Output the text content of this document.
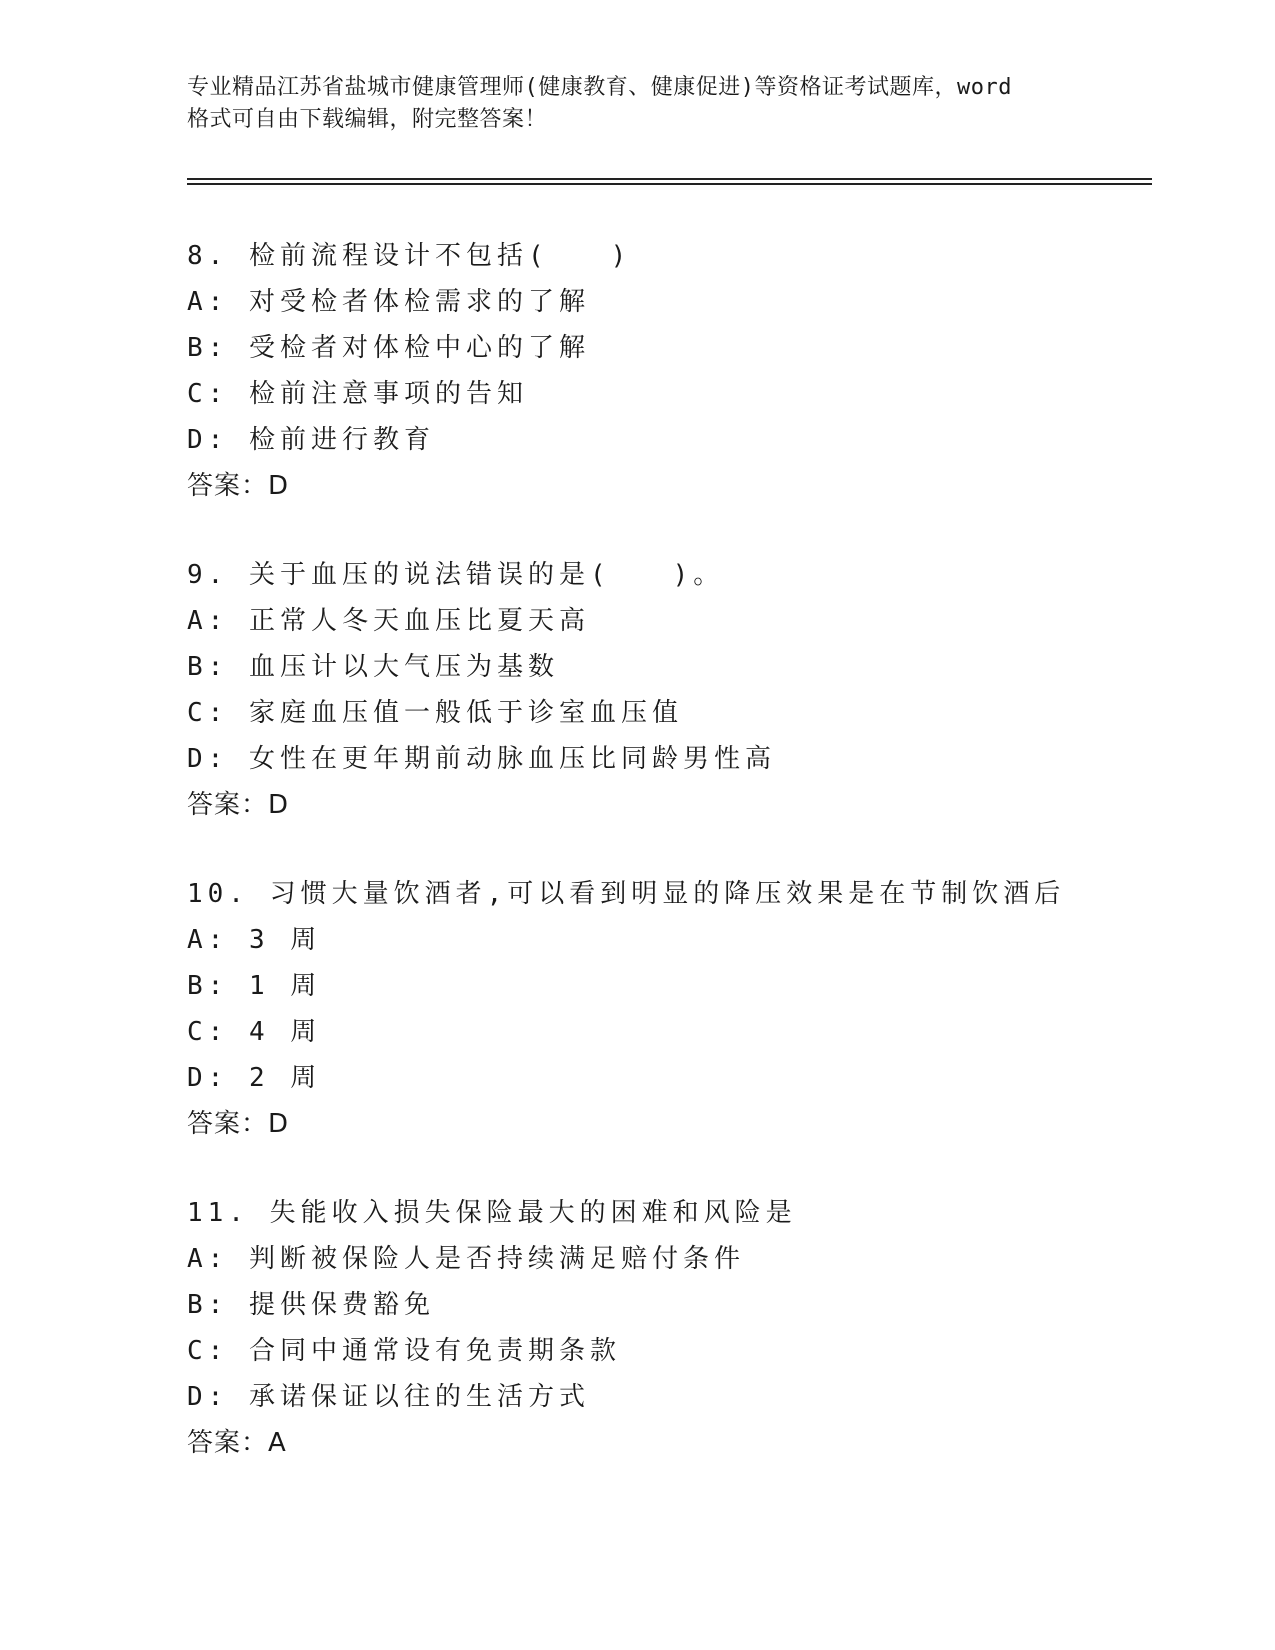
专业精品江苏省盐城市健康管理师(健康教育、健康促进)等资格证考试题库，word
格式可自由下载编辑，附完整答案！
8. 检前流程设计不包括(　　)
A: 对受检者体检需求的了解
B: 受检者对体检中心的了解
C: 检前注意事项的告知
D: 检前进行教育
答案：D
9. 关于血压的说法错误的是(　　)。
A: 正常人冬天血压比夏天高
B: 血压计以大气压为基数
C: 家庭血压值一般低于诊室血压值
D: 女性在更年期前动脉血压比同龄男性高
答案：D
10. 习惯大量饮酒者,可以看到明显的降压效果是在节制饮酒后
A: 3 周
B: 1 周
C: 4 周
D: 2 周
答案：D
11. 失能收入损失保险最大的困难和风险是
A: 判断被保险人是否持续满足赔付条件
B: 提供保费豁免
C: 合同中通常设有免责期条款
D: 承诺保证以往的生活方式
答案：A
